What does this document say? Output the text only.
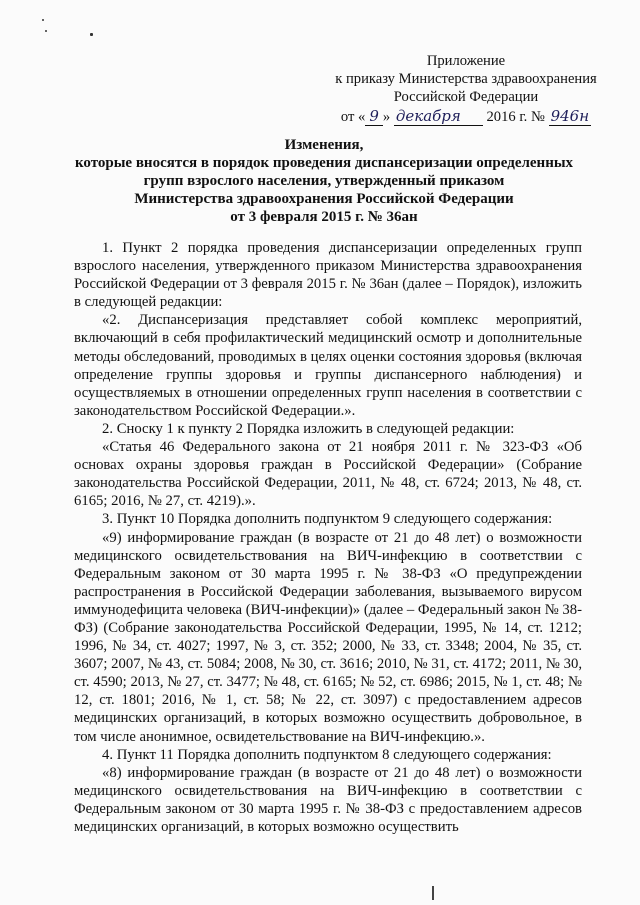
Приложение
к приказу Министерства здравоохранения
Российской Федерации
от « 9 » декабря 2016 г. № 946н
Изменения,
которые вносятся в порядок проведения диспансеризации определенных
групп взрослого населения, утвержденный приказом
Министерства здравоохранения Российской Федерации
от 3 февраля 2015 г. № 36ан

1. Пункт 2 порядка проведения диспансеризации определенных групп взрослого населения, утвержденного приказом Министерства здравоохранения Российской Федерации от 3 февраля 2015 г. № 36ан (далее – Порядок), изложить в следующей редакции:

«2. Диспансеризация представляет собой комплекс мероприятий, включающий в себя профилактический медицинский осмотр и дополнительные методы обследований, проводимых в целях оценки состояния здоровья (включая определение группы здоровья и группы диспансерного наблюдения) и осуществляемых в отношении определенных групп населения в соответствии с законодательством Российской Федерации.».

2. Сноску 1 к пункту 2 Порядка изложить в следующей редакции:

«Статья 46 Федерального закона от 21 ноября 2011 г. № 323-ФЗ «Об основах охраны здоровья граждан в Российской Федерации» (Собрание законодательства Российской Федерации, 2011, № 48, ст. 6724; 2013, № 48, ст. 6165; 2016, № 27, ст. 4219).».

3. Пункт 10 Порядка дополнить подпунктом 9 следующего содержания:

«9) информирование граждан (в возрасте от 21 до 48 лет) о возможности медицинского освидетельствования на ВИЧ-инфекцию в соответствии с Федеральным законом от 30 марта 1995 г. № 38-ФЗ «О предупреждении распространения в Российской Федерации заболевания, вызываемого вирусом иммунодефицита человека (ВИЧ-инфекции)» (далее – Федеральный закон № 38-ФЗ) (Собрание законодательства Российской Федерации, 1995, № 14, ст. 1212; 1996, № 34, ст. 4027; 1997, № 3, ст. 352; 2000, № 33, ст. 3348; 2004, № 35, ст. 3607; 2007, № 43, ст. 5084; 2008, № 30, ст. 3616; 2010, № 31, ст. 4172; 2011, № 30, ст. 4590; 2013, № 27, ст. 3477; № 48, ст. 6165; № 52, ст. 6986; 2015, № 1, ст. 48; № 12, ст. 1801; 2016, № 1, ст. 58; № 22, ст. 3097) с предоставлением адресов медицинских организаций, в которых возможно осуществить добровольное, в том числе анонимное, освидетельствование на ВИЧ-инфекцию.».

4. Пункт 11 Порядка дополнить подпунктом 8 следующего содержания:

«8) информирование граждан (в возрасте от 21 до 48 лет) о возможности медицинского освидетельствования на ВИЧ-инфекцию в соответствии с Федеральным законом от 30 марта 1995 г. № 38-ФЗ с предоставлением адресов медицинских организаций, в которых возможно осуществить
